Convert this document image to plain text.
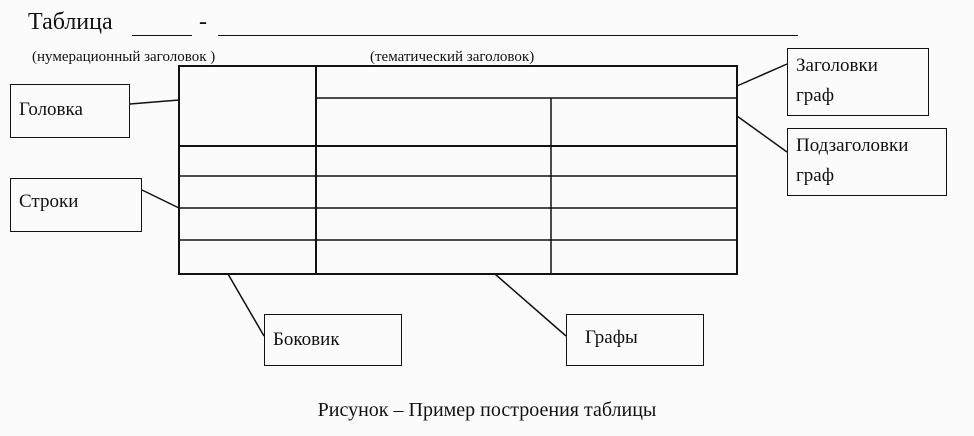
Таблица	-
(нумерационный заголовок )	(тематический заголовок)
Головка
Строки
Заголовки
граф
Подзаголовки
граф
Боковик	Графы
Рисунок – Пример построения таблицы
